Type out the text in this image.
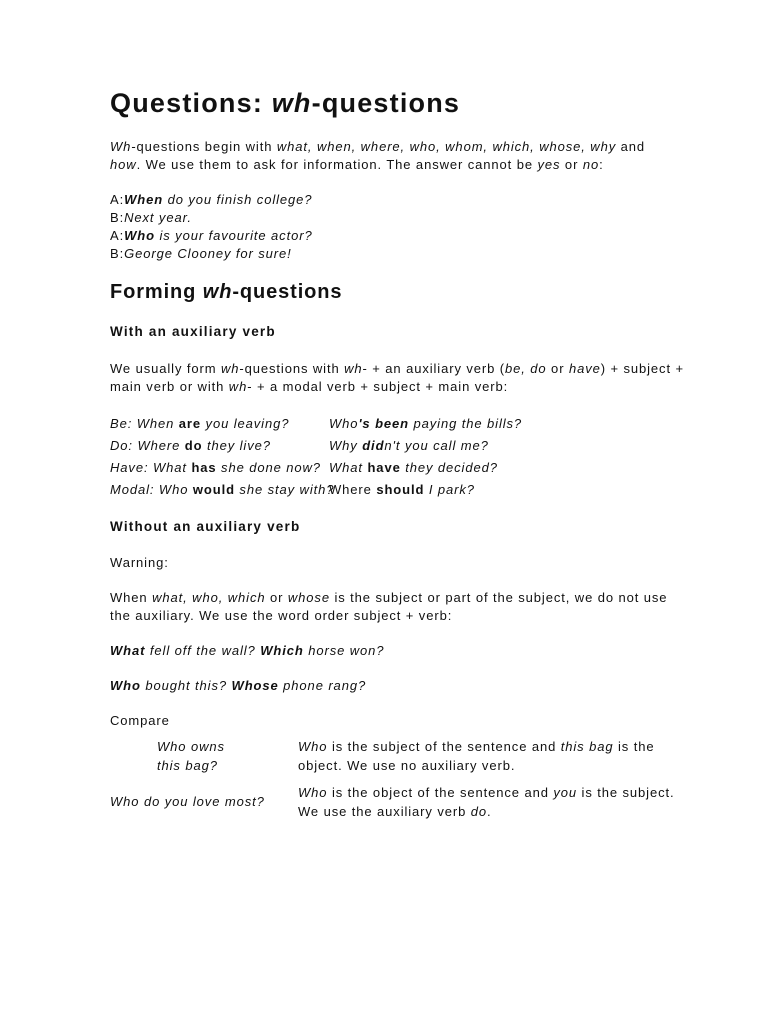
Questions: wh-questions
Wh-questions begin with what, when, where, who, whom, which, whose, why and
how. We use them to ask for information. The answer cannot be yes or no:
A:When do you finish college?
B:Next year.
A:Who is your favourite actor?
B:George Clooney for sure!
Forming wh-questions
With an auxiliary verb
We usually form wh-questions with wh- + an auxiliary verb (be, do or have) + subject +
main verb or with wh- + a modal verb + subject + main verb:
Be: When are you leaving?
Do: Where do they live?
Have: What has she done now?
Modal: Who would she stay with?
Who's been paying the bills?
Why didn't you call me?
What have they decided?
Where should I park?
Without an auxiliary verb
Warning:
When what, who, which or whose is the subject or part of the subject, we do not use
the auxiliary. We use the word order subject + verb:
What fell off the wall? Which horse won?
Who bought this? Whose phone rang?
Compare
Who owns
this bag?
Who is the subject of the sentence and this bag is the
object. We use no auxiliary verb.
Who do you love most?
Who is the object of the sentence and you is the subject.
We use the auxiliary verb do.
